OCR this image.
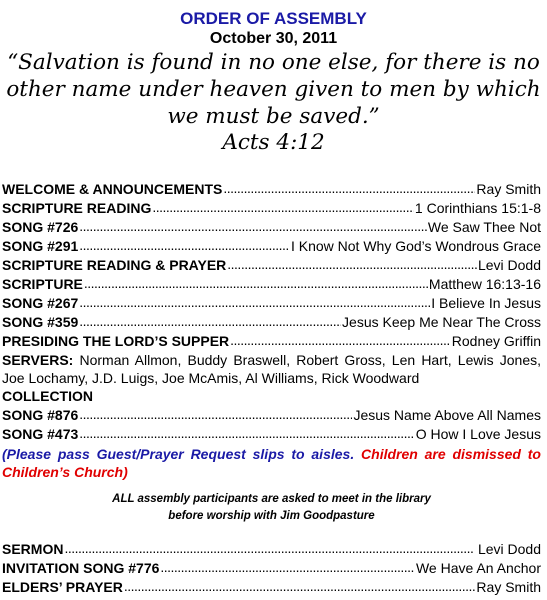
ORDER OF ASSEMBLY
October 30, 2011
“Salvation is found in no one else, for there is no other name under heaven given to men by which we must be saved.”
Acts 4:12
WELCOME & ANNOUNCEMENTS . . .	Ray Smith
SCRIPTURE READING . . .	1 Corinthians 15:1-8
SONG #726 . . .	We Saw Thee Not
SONG #291 . . .	I Know Not Why God’s Wondrous Grace
SCRIPTURE READING & PRAYER . . .	Levi Dodd
SCRIPTURE . . .	Matthew 16:13-16
SONG #267 . . .	I Believe In Jesus
SONG #359 . . .	Jesus Keep Me Near The Cross
PRESIDING THE LORD’S SUPPER . . .	Rodney Griffin
SERVERS: Norman Allmon, Buddy Braswell, Robert Gross, Len Hart, Lewis Jones, Joe Lochamy, J.D. Luigs, Joe McAmis, Al Williams, Rick Woodward
COLLECTION
SONG #876 . . .	Jesus Name Above All Names
SONG #473 . . .	O How I Love Jesus
(Please pass Guest/Prayer Request slips to aisles. Children are dismissed to Children’s Church)
ALL assembly participants are asked to meet in the library
before worship with Jim Goodpasture
SERMON . . .	Levi Dodd
INVITATION SONG #776 . . .	We Have An Anchor
ELDERS’ PRAYER . . .	Ray Smith
